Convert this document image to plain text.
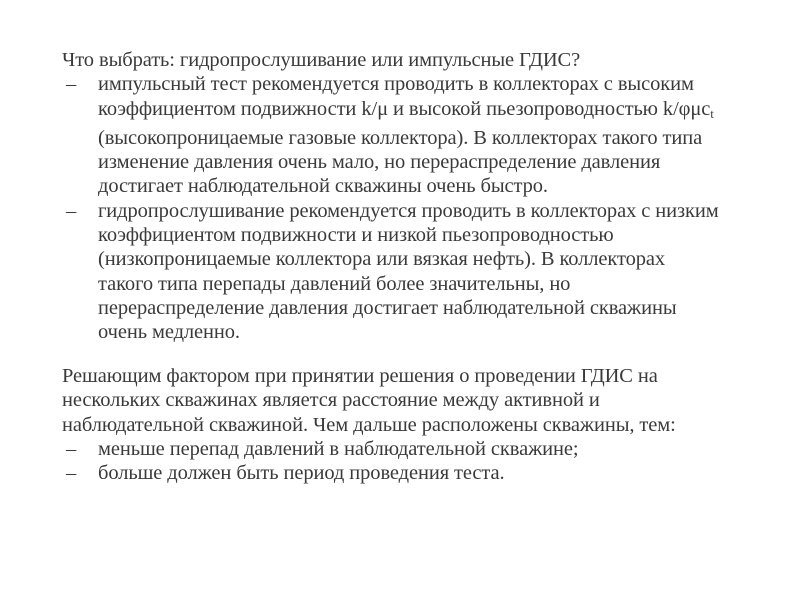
Что выбрать: гидропрослушивание или импульсные ГДИС?

– импульсный тест рекомендуется проводить в коллекторах с высоким
коэффициентом подвижности k/μ и высокой пьезопроводностью k/φμc$_t$
(высокопроницаемые газовые коллектора). В коллекторах такого типа
изменение давления очень мало, но перераспределение давления
достигает наблюдательной скважины очень быстро.
– гидропрослушивание рекомендуется проводить в коллекторах с низким
коэффициентом подвижности и низкой пьезопроводностью
(низкопроницаемые коллектора или вязкая нефть). В коллекторах
такого типа перепады давлений более значительны, но
перераспределение давления достигает наблюдательной скважины
очень медленно.

Решающим фактором при принятии решения о проведении ГДИС на
нескольких скважинах является расстояние между активной и
наблюдательной скважиной. Чем дальше расположены скважины, тем:

– меньше перепад давлений в наблюдательной скважине;
– больше должен быть период проведения теста.
